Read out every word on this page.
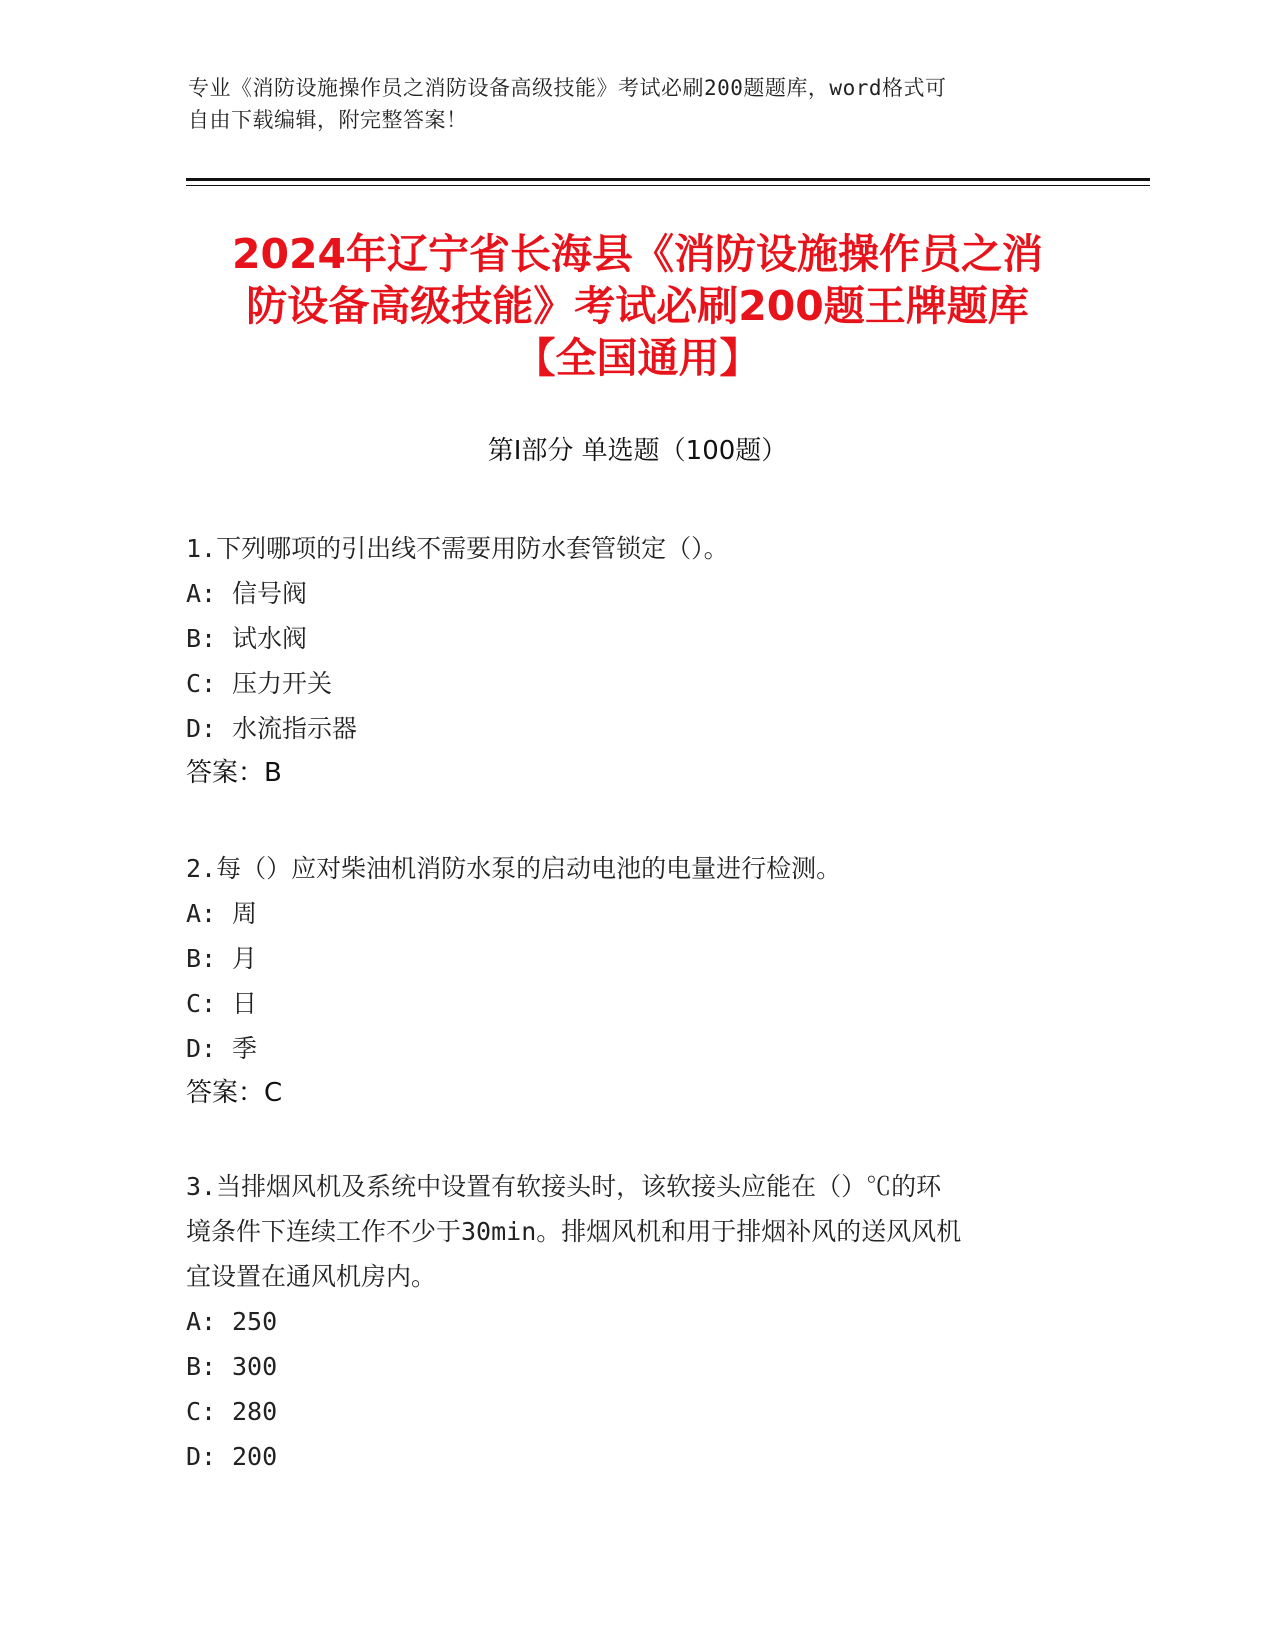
专业《消防设施操作员之消防设备高级技能》考试必刷200题题库，word格式可
自由下载编辑，附完整答案！
2024年辽宁省长海县《消防设施操作员之消
防设备高级技能》考试必刷200题王牌题库
【全国通用】
第Ⅰ部分 单选题（100题）
1.下列哪项的引出线不需要用防水套管锁定（）。
A: 信号阀
B: 试水阀
C: 压力开关
D: 水流指示器
答案：B
2.每（）应对柴油机消防水泵的启动电池的电量进行检测。
A: 周
B: 月
C: 日
D: 季
答案：C
3.当排烟风机及系统中设置有软接头时，该软接头应能在（）℃的环
境条件下连续工作不少于30min。排烟风机和用于排烟补风的送风风机
宜设置在通风机房内。
A: 250
B: 300
C: 280
D: 200
